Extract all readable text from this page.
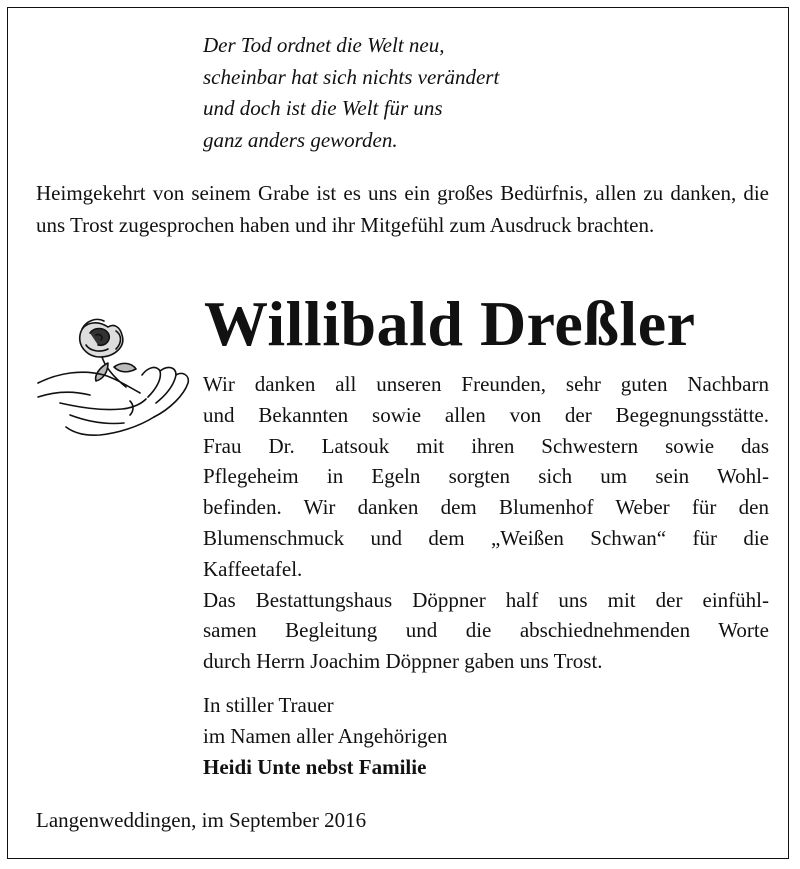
Der Tod ordnet die Welt neu,
scheinbar hat sich nichts verändert
und doch ist die Welt für uns
ganz anders geworden.
Heimgekehrt von seinem Grabe ist es uns ein großes Bedürfnis, allen zu danken, die uns Trost zugesprochen haben und ihr Mitgefühl zum Ausdruck brachten.
Willibald Dreßler
Wir danken all unseren Freunden, sehr guten Nachbarn
und Bekannten sowie allen von der Begegnungsstätte.
Frau Dr. Latsouk mit ihren Schwestern sowie das
Pflegeheim in Egeln sorgten sich um sein Wohl-
befinden. Wir danken dem Blumenhof Weber für den
Blumenschmuck und dem „Weißen Schwan“ für die
Kaffeetafel.
Das Bestattungshaus Döppner half uns mit der einfühl-
samen Begleitung und die abschiednehmenden Worte
durch Herrn Joachim Döppner gaben uns Trost.
In stiller Trauer
im Namen aller Angehörigen
Heidi Unte nebst Familie
Langenweddingen, im September 2016
